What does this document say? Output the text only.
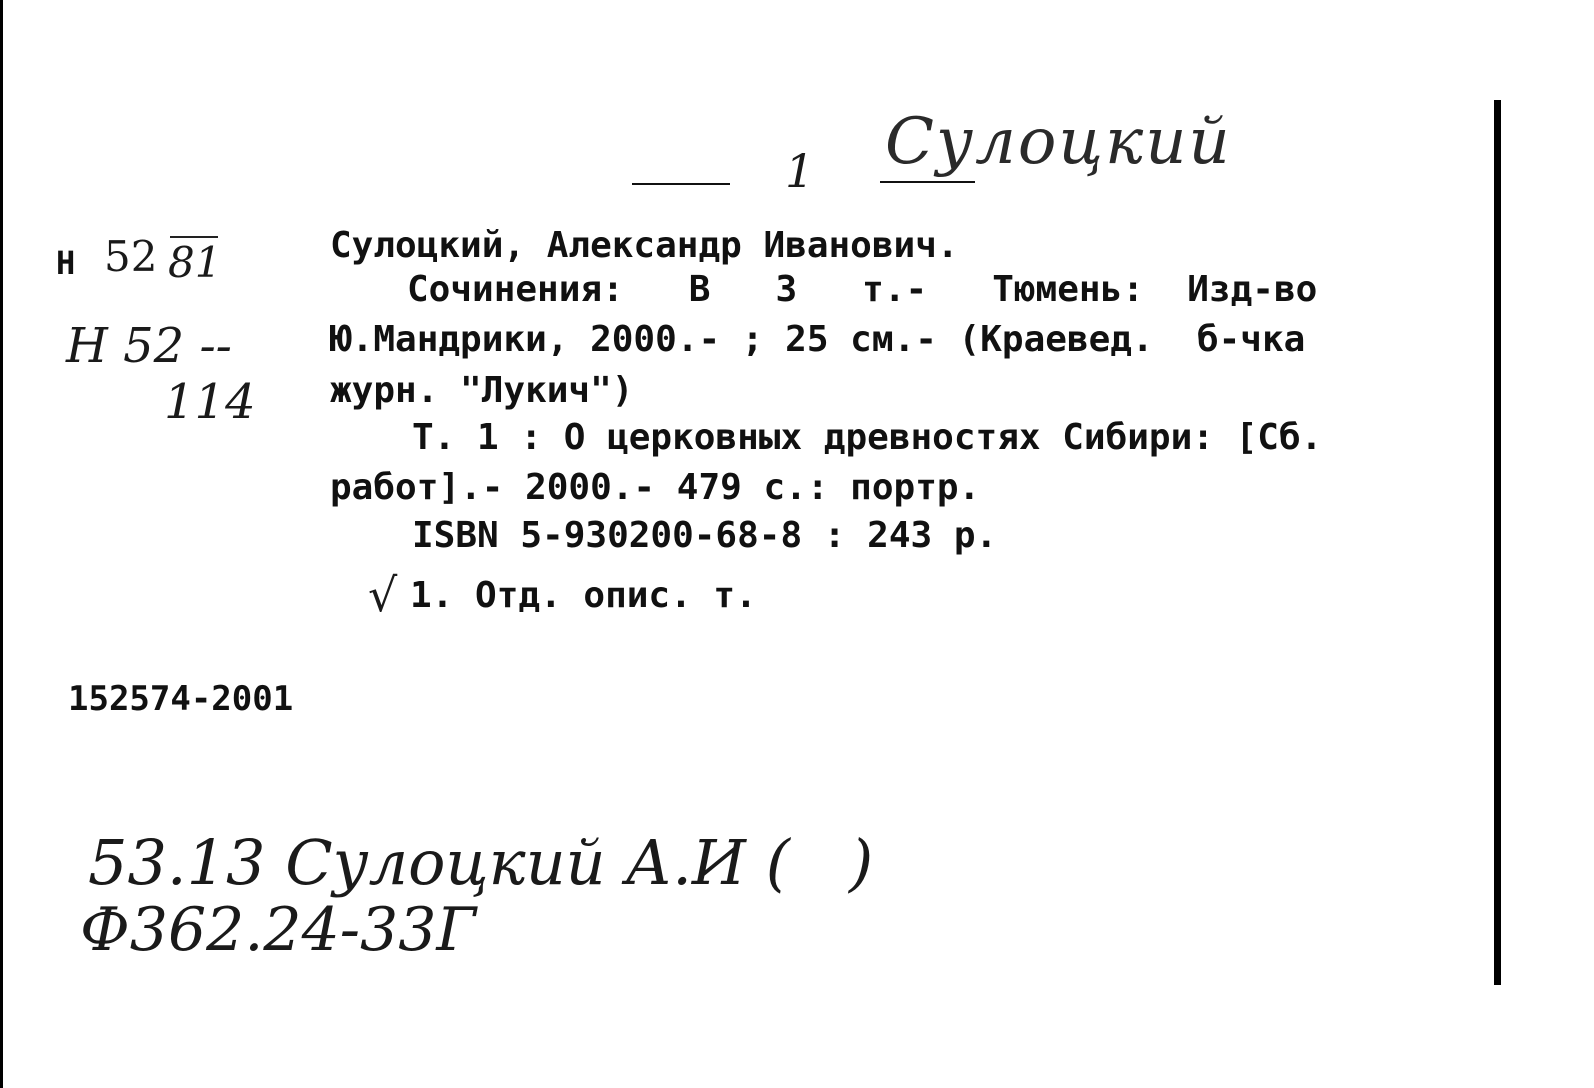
1 Сулоцкий
Н 52 81
Н 52 --
114
Сулоцкий, Александр Иванович.
Сочинения:   В   3   т.-   Тюмень:  Изд-во
Ю.Мандрики, 2000.- ; 25 см.- (Краевед.  б-чка
журн. "Лукич")
Т. 1 : О церковных древностях Сибири: [Сб.
работ].- 2000.- 479 с.: портр.
ISBN 5-930200-68-8 : 243 р.
√ 1. Отд. опис. т.
152574-2001
53.13 Сулоцкий А.И (   )
Ф362.24-33Г
